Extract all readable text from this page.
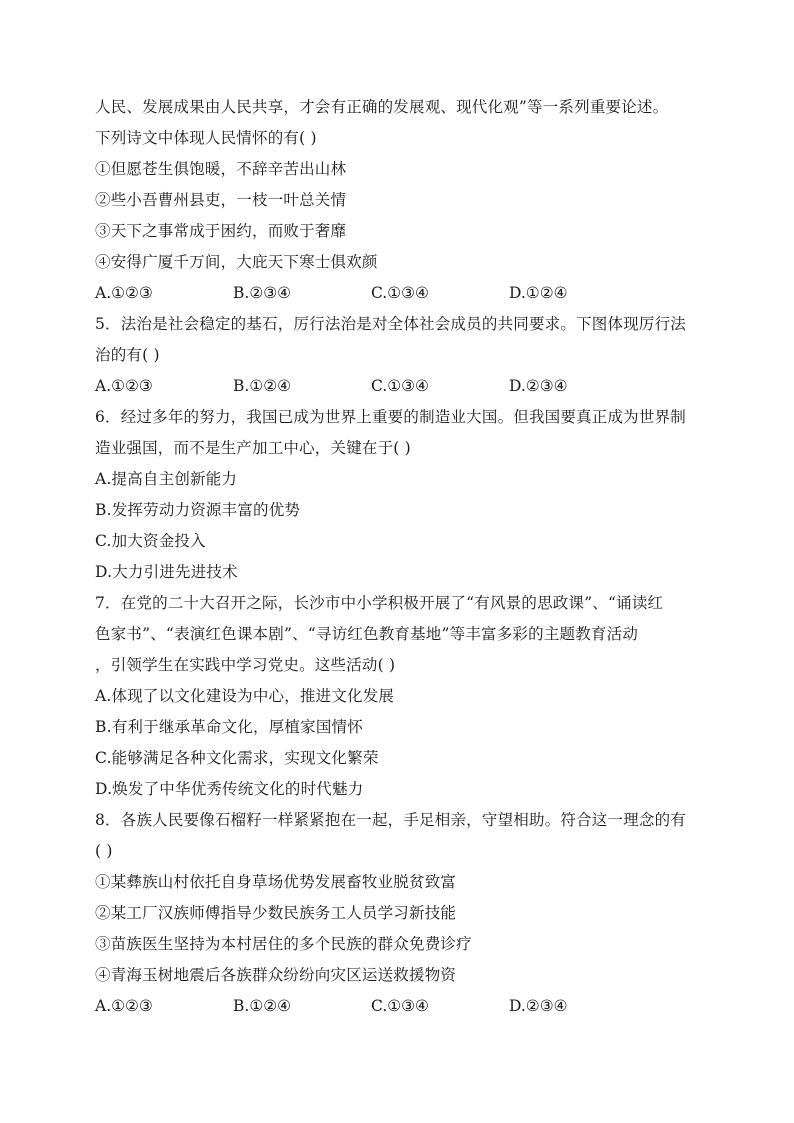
人民、发展成果由人民共享，才会有正确的发展观、现代化观”等一系列重要论述。
下列诗文中体现人民情怀的有( )
①但愿苍生俱饱暖，不辞辛苦出山林
②些小吾曹州县吏，一枝一叶总关情
③天下之事常成于困约，而败于奢靡
④安得广厦千万间，大庇天下寒士俱欢颜
A.①②③	B.②③④	C.①③④	D.①②④
5．法治是社会稳定的基石，厉行法治是对全体社会成员的共同要求。下图体现厉行法
治的有( )
A.①②③	B.①②④	C.①③④	D.②③④
6．经过多年的努力，我国已成为世界上重要的制造业大国。但我国要真正成为世界制
造业强国，而不是生产加工中心，关键在于( )
A.提高自主创新能力
B.发挥劳动力资源丰富的优势
C.加大资金投入
D.大力引进先进技术
7．在党的二十大召开之际，长沙市中小学积极开展了“有风景的思政课”、“诵读红
色家书”、“表演红色课本剧”、“寻访红色教育基地”等丰富多彩的主题教育活动
，引领学生在实践中学习党史。这些活动( )
A.体现了以文化建设为中心，推进文化发展
B.有利于继承革命文化，厚植家国情怀
C.能够满足各种文化需求，实现文化繁荣
D.焕发了中华优秀传统文化的时代魅力
8．各族人民要像石榴籽一样紧紧抱在一起，手足相亲，守望相助。符合这一理念的有
( )
①某彝族山村依托自身草场优势发展畜牧业脱贫致富
②某工厂汉族师傅指导少数民族务工人员学习新技能
③苗族医生坚持为本村居住的多个民族的群众免费诊疗
④青海玉树地震后各族群众纷纷向灾区运送救援物资
A.①②③	B.①②④	C.①③④	D.②③④
